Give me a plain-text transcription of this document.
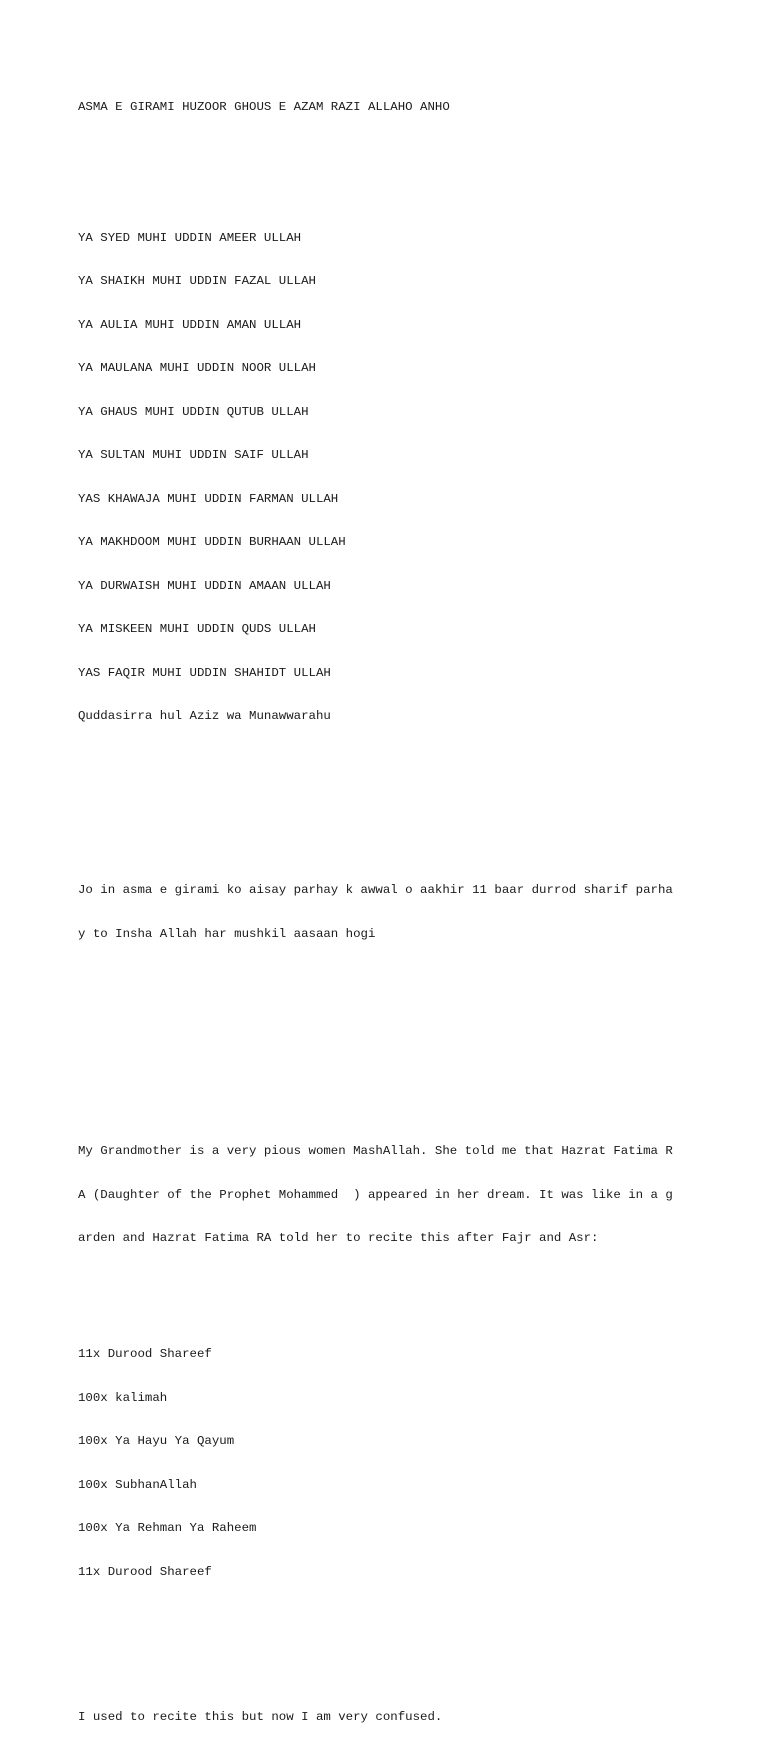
ASMA E GIRAMI HUZOOR GHOUS E AZAM RAZI ALLAHO ANHO

YA SYED MUHI UDDIN AMEER ULLAH

YA SHAIKH MUHI UDDIN FAZAL ULLAH

YA AULIA MUHI UDDIN AMAN ULLAH

YA MAULANA MUHI UDDIN NOOR ULLAH

YA GHAUS MUHI UDDIN QUTUB ULLAH

YA SULTAN MUHI UDDIN SAIF ULLAH

YAS KHAWAJA MUHI UDDIN FARMAN ULLAH

YA MAKHDOOM MUHI UDDIN BURHAAN ULLAH

YA DURWAISH MUHI UDDIN AMAAN ULLAH

YA MISKEEN MUHI UDDIN QUDS ULLAH

YAS FAQIR MUHI UDDIN SHAHIDT ULLAH

Quddasirra hul Aziz wa Munawwarahu

Jo in asma e girami ko aisay parhay k awwal o aakhir 11 baar durrod sharif parha

y to Insha Allah har mushkil aasaan hogi

My Grandmother is a very pious women MashAllah. She told me that Hazrat Fatima R

A (Daughter of the Prophet Mohammed  ) appeared in her dream. It was like in a g

arden and Hazrat Fatima RA told her to recite this after Fajr and Asr:

11x Durood Shareef

100x kalimah

100x Ya Hayu Ya Qayum

100x SubhanAllah

100x Ya Rehman Ya Raheem

11x Durood Shareef

I used to recite this but now I am very confused.
